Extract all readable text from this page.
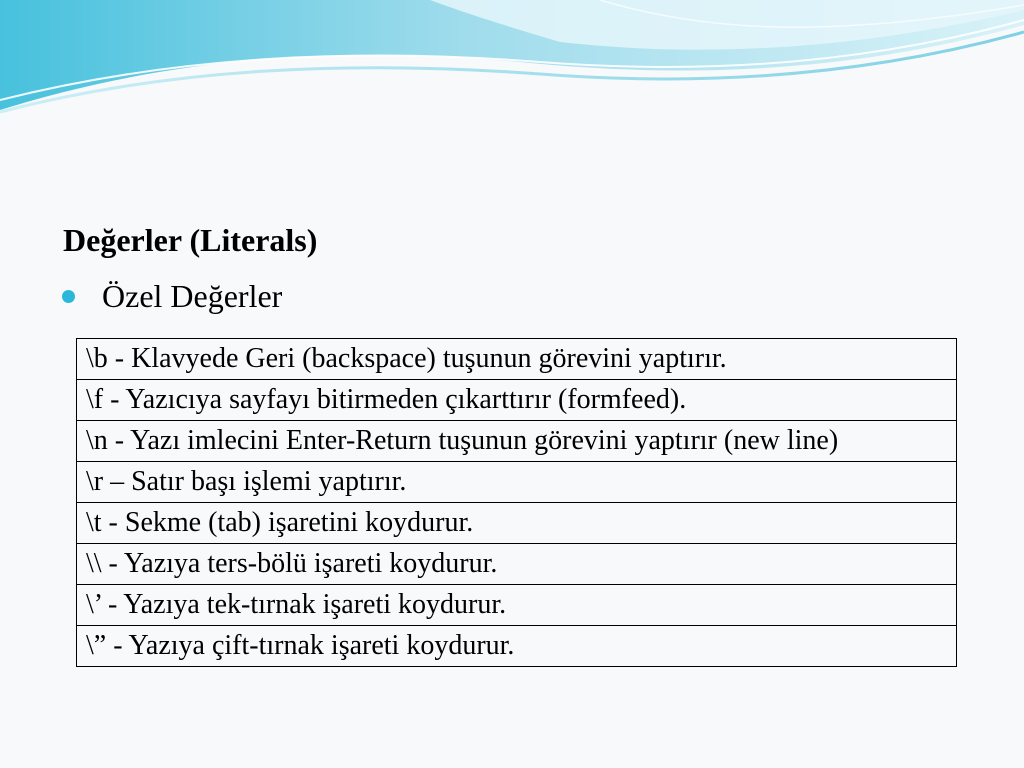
Değerler (Literals)
Özel Değerler
\b - Klavyede Geri (backspace) tuşunun görevini yaptırır.
\f - Yazıcıya sayfayı bitirmeden çıkarttırır (formfeed).
\n - Yazı imlecini Enter-Return tuşunun görevini yaptırır (new line)
\r – Satır başı işlemi yaptırır.
\t - Sekme (tab) işaretini koydurur.
\\ - Yazıya ters-bölü işareti koydurur.
\’ - Yazıya tek-tırnak işareti koydurur.
\” - Yazıya çift-tırnak işareti koydurur.
